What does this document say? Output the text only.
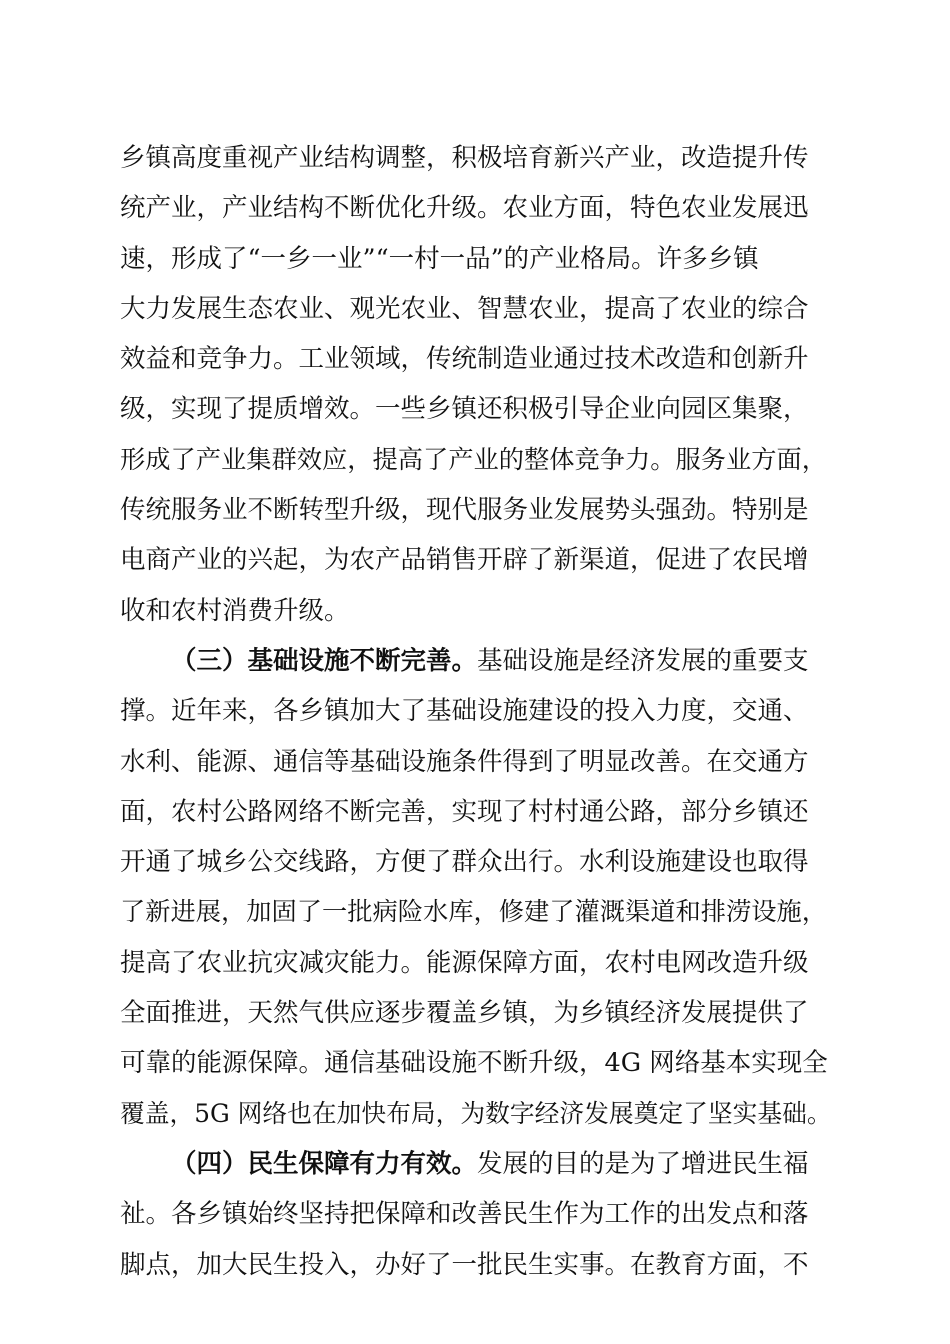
乡镇高度重视产业结构调整，积极培育新兴产业，改造提升传
统产业，产业结构不断优化升级。农业方面，特色农业发展迅
速，形成了“一乡一业”“一村一品”的产业格局。许多乡镇
大力发展生态农业、观光农业、智慧农业，提高了农业的综合
效益和竞争力。工业领域，传统制造业通过技术改造和创新升
级，实现了提质增效。一些乡镇还积极引导企业向园区集聚，
形成了产业集群效应，提高了产业的整体竞争力。服务业方面，
传统服务业不断转型升级，现代服务业发展势头强劲。特别是
电商产业的兴起，为农产品销售开辟了新渠道，促进了农民增
收和农村消费升级。
（三）基础设施不断完善。基础设施是经济发展的重要支
撑。近年来，各乡镇加大了基础设施建设的投入力度，交通、
水利、能源、通信等基础设施条件得到了明显改善。在交通方
面，农村公路网络不断完善，实现了村村通公路，部分乡镇还
开通了城乡公交线路，方便了群众出行。水利设施建设也取得
了新进展，加固了一批病险水库，修建了灌溉渠道和排涝设施，
提高了农业抗灾减灾能力。能源保障方面，农村电网改造升级
全面推进，天然气供应逐步覆盖乡镇，为乡镇经济发展提供了
可靠的能源保障。通信基础设施不断升级，4G 网络基本实现全
覆盖，5G 网络也在加快布局，为数字经济发展奠定了坚实基础。
（四）民生保障有力有效。发展的目的是为了增进民生福
祉。各乡镇始终坚持把保障和改善民生作为工作的出发点和落
脚点，加大民生投入，办好了一批民生实事。在教育方面，不
